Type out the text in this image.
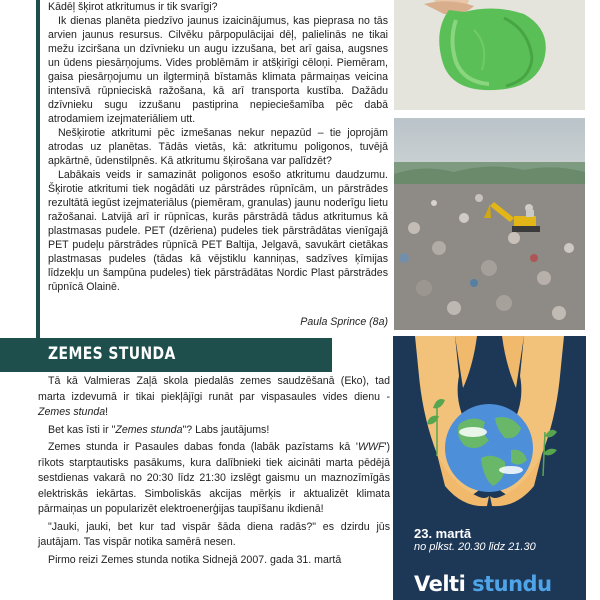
Kādēļ šķirot atkritumus ir tik svarīgi?

Ik dienas planēta piedzīvo jaunus izaicinājumus, kas pieprasa no tās arvien jaunus resursus. Cilvēku pārpopulācijai dēļ, palielinās ne tikai mežu izciršana un dzīvnieku un augu izzušana, bet arī gaisa, augsnes un ūdens piesārņojums. Vides problēmām ir atšķirīgi cēloņi. Piemēram, gaisa piesārņojumu un ilgtermiņā bīstamās klimata pārmaiņas veicina intensīvā rūpnieciskā ražošana, kā arī transporta kustība. Dažādu dzīvnieku sugu izzušanu pastiprina nepieciešamība pēc dabā atrodamiem izejmateriāliem utt.

Nešķirotie atkritumi pēc izmešanas nekur nepazūd – tie joprojām atrodas uz planētas. Tādās vietās, kā: atkritumu poligonos, tuvējā apkārtnē, ūdenstilpnēs. Kā atkritumu šķirošana var palīdzēt?

Labākais veids ir samazināt poligonos esošo atkritumu daudzumu. Šķirotie atkritumi tiek nogādāti uz pārstrādes rūpnīcām, un pārstrādes rezultātā iegūst izejmateriālus (piemēram, granulas) jaunu noderīgu lietu ražošanai. Latvijā arī ir rūpnīcas, kurās pārstrādā tādus atkritumus kā plastmasas pudele. PET (dzēriena) pudeles tiek pārstrādātas vienīgajā PET pudeļu pārstrādes rūpnīcā PET Baltija, Jelgavā, savukārt cietākas plastmasas pudeles (tādas kā vējstiklu kanniņas, sadzīves ķīmijas līdzekļu un šampūna pudeles) tiek pārstrādātas Nordic Plast pārstrādes rūpnīcā Olainē.

Paula Sprince (8a)
ZEMES STUNDA

Tā kā Valmieras Zaļā skola piedalās zemes saudzēšanā (Eko), tad marta izdevumā ir tikai piekļājīgi runāt par vispasaules vides dienu - Zemes stunda!

Bet kas īsti ir "Zemes stunda"? Labs jautājums!

Zemes stunda ir Pasaules dabas fonda (labāk pazīstams kā 'WWF') rīkots starptautisks pasākums, kura dalībnieki tiek aicināti marta pēdējā sestdienas vakarā no 20:30 līdz 21:30 izslēgt gaismu un maznozīmīgās elektriskās iekārtas. Simboliskās akcijas mērķis ir aktualizēt klimata pārmaiņas un popularizēt elektroenerģijas taupīšanu ikdienā!

"Jauki, jauki, bet kur tad vispār šāda diena radās?" es dzirdu jūs jautājam. Tas vispār notika samērā nesen.

Pirmo reizi Zemes stunda notika Sidnejā 2007. gada 31. martā

23. martā
no plkst. 20.30 līdz 21.30
Velti stundu
